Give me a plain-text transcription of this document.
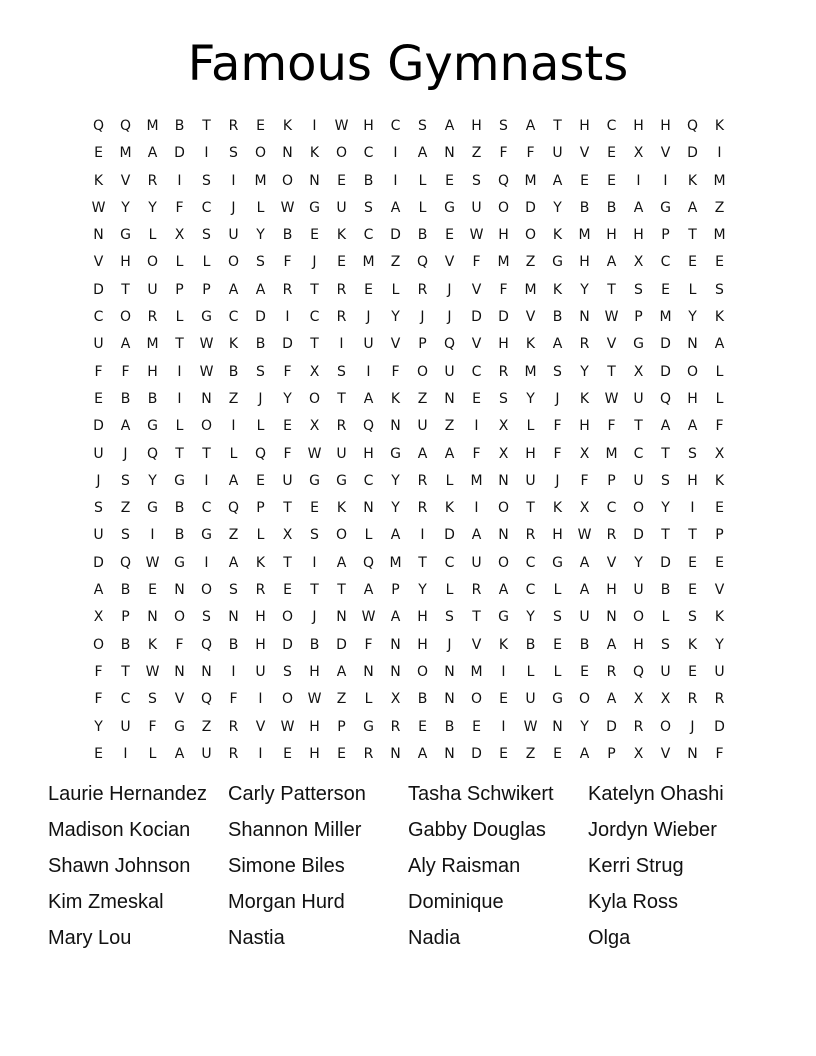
Famous Gymnasts
Q	Q	M	B	T	R	E	K	I	W	H	C	S	A	H	S	A	T	H	C	H	H	Q	K
E	M	A	D	I	S	O	N	K	O	C	I	A	N	Z	F	F	U	V	E	X	V	D	I
K	V	R	I	S	I	M	O	N	E	B	I	L	E	S	Q	M	A	E	E	I	I	K	M
W	Y	Y	F	C	J	L	W	G	U	S	A	L	G	U	O	D	Y	B	B	A	G	A	Z
N	G	L	X	S	U	Y	B	E	K	C	D	B	E	W	H	O	K	M	H	H	P	T	M
V	H	O	L	L	O	S	F	J	E	M	Z	Q	V	F	M	Z	G	H	A	X	C	E	E
D	T	U	P	P	A	A	R	T	R	E	L	R	J	V	F	M	K	Y	T	S	E	L	S
C	O	R	L	G	C	D	I	C	R	J	Y	J	J	D	D	V	B	N	W	P	M	Y	K
U	A	M	T	W	K	B	D	T	I	U	V	P	Q	V	H	K	A	R	V	G	D	N	A
F	F	H	I	W	B	S	F	X	S	I	F	O	U	C	R	M	S	Y	T	X	D	O	L
E	B	B	I	N	Z	J	Y	O	T	A	K	Z	N	E	S	Y	J	K	W	U	Q	H	L
D	A	G	L	O	I	L	E	X	R	Q	N	U	Z	I	X	L	F	H	F	T	A	A	F
U	J	Q	T	T	L	Q	F	W	U	H	G	A	A	F	X	H	F	X	M	C	T	S	X
J	S	Y	G	I	A	E	U	G	G	C	Y	R	L	M	N	U	J	F	P	U	S	H	K
S	Z	G	B	C	Q	P	T	E	K	N	Y	R	K	I	O	T	K	X	C	O	Y	I	E
U	S	I	B	G	Z	L	X	S	O	L	A	I	D	A	N	R	H	W	R	D	T	T	P
D	Q	W	G	I	A	K	T	I	A	Q	M	T	C	U	O	C	G	A	V	Y	D	E	E
A	B	E	N	O	S	R	E	T	T	A	P	Y	L	R	A	C	L	A	H	U	B	E	V
X	P	N	O	S	N	H	O	J	N	W	A	H	S	T	G	Y	S	U	N	O	L	S	K
O	B	K	F	Q	B	H	D	B	D	F	N	H	J	V	K	B	E	B	A	H	S	K	Y
F	T	W	N	N	I	U	S	H	A	N	N	O	N	M	I	L	L	E	R	Q	U	E	U
F	C	S	V	Q	F	I	O	W	Z	L	X	B	N	O	E	U	G	O	A	X	X	R	R
Y	U	F	G	Z	R	V	W	H	P	G	R	E	B	E	I	W	N	Y	D	R	O	J	D
E	I	L	A	U	R	I	E	H	E	R	N	A	N	D	E	Z	E	A	P	X	V	N	F
Laurie Hernandez	Carly Patterson	Tasha Schwikert	Katelyn Ohashi
Madison Kocian	Shannon Miller	Gabby Douglas	Jordyn Wieber
Shawn Johnson	Simone Biles	Aly Raisman	Kerri Strug
Kim Zmeskal	Morgan Hurd	Dominique	Kyla Ross
Mary Lou	Nastia	Nadia	Olga
